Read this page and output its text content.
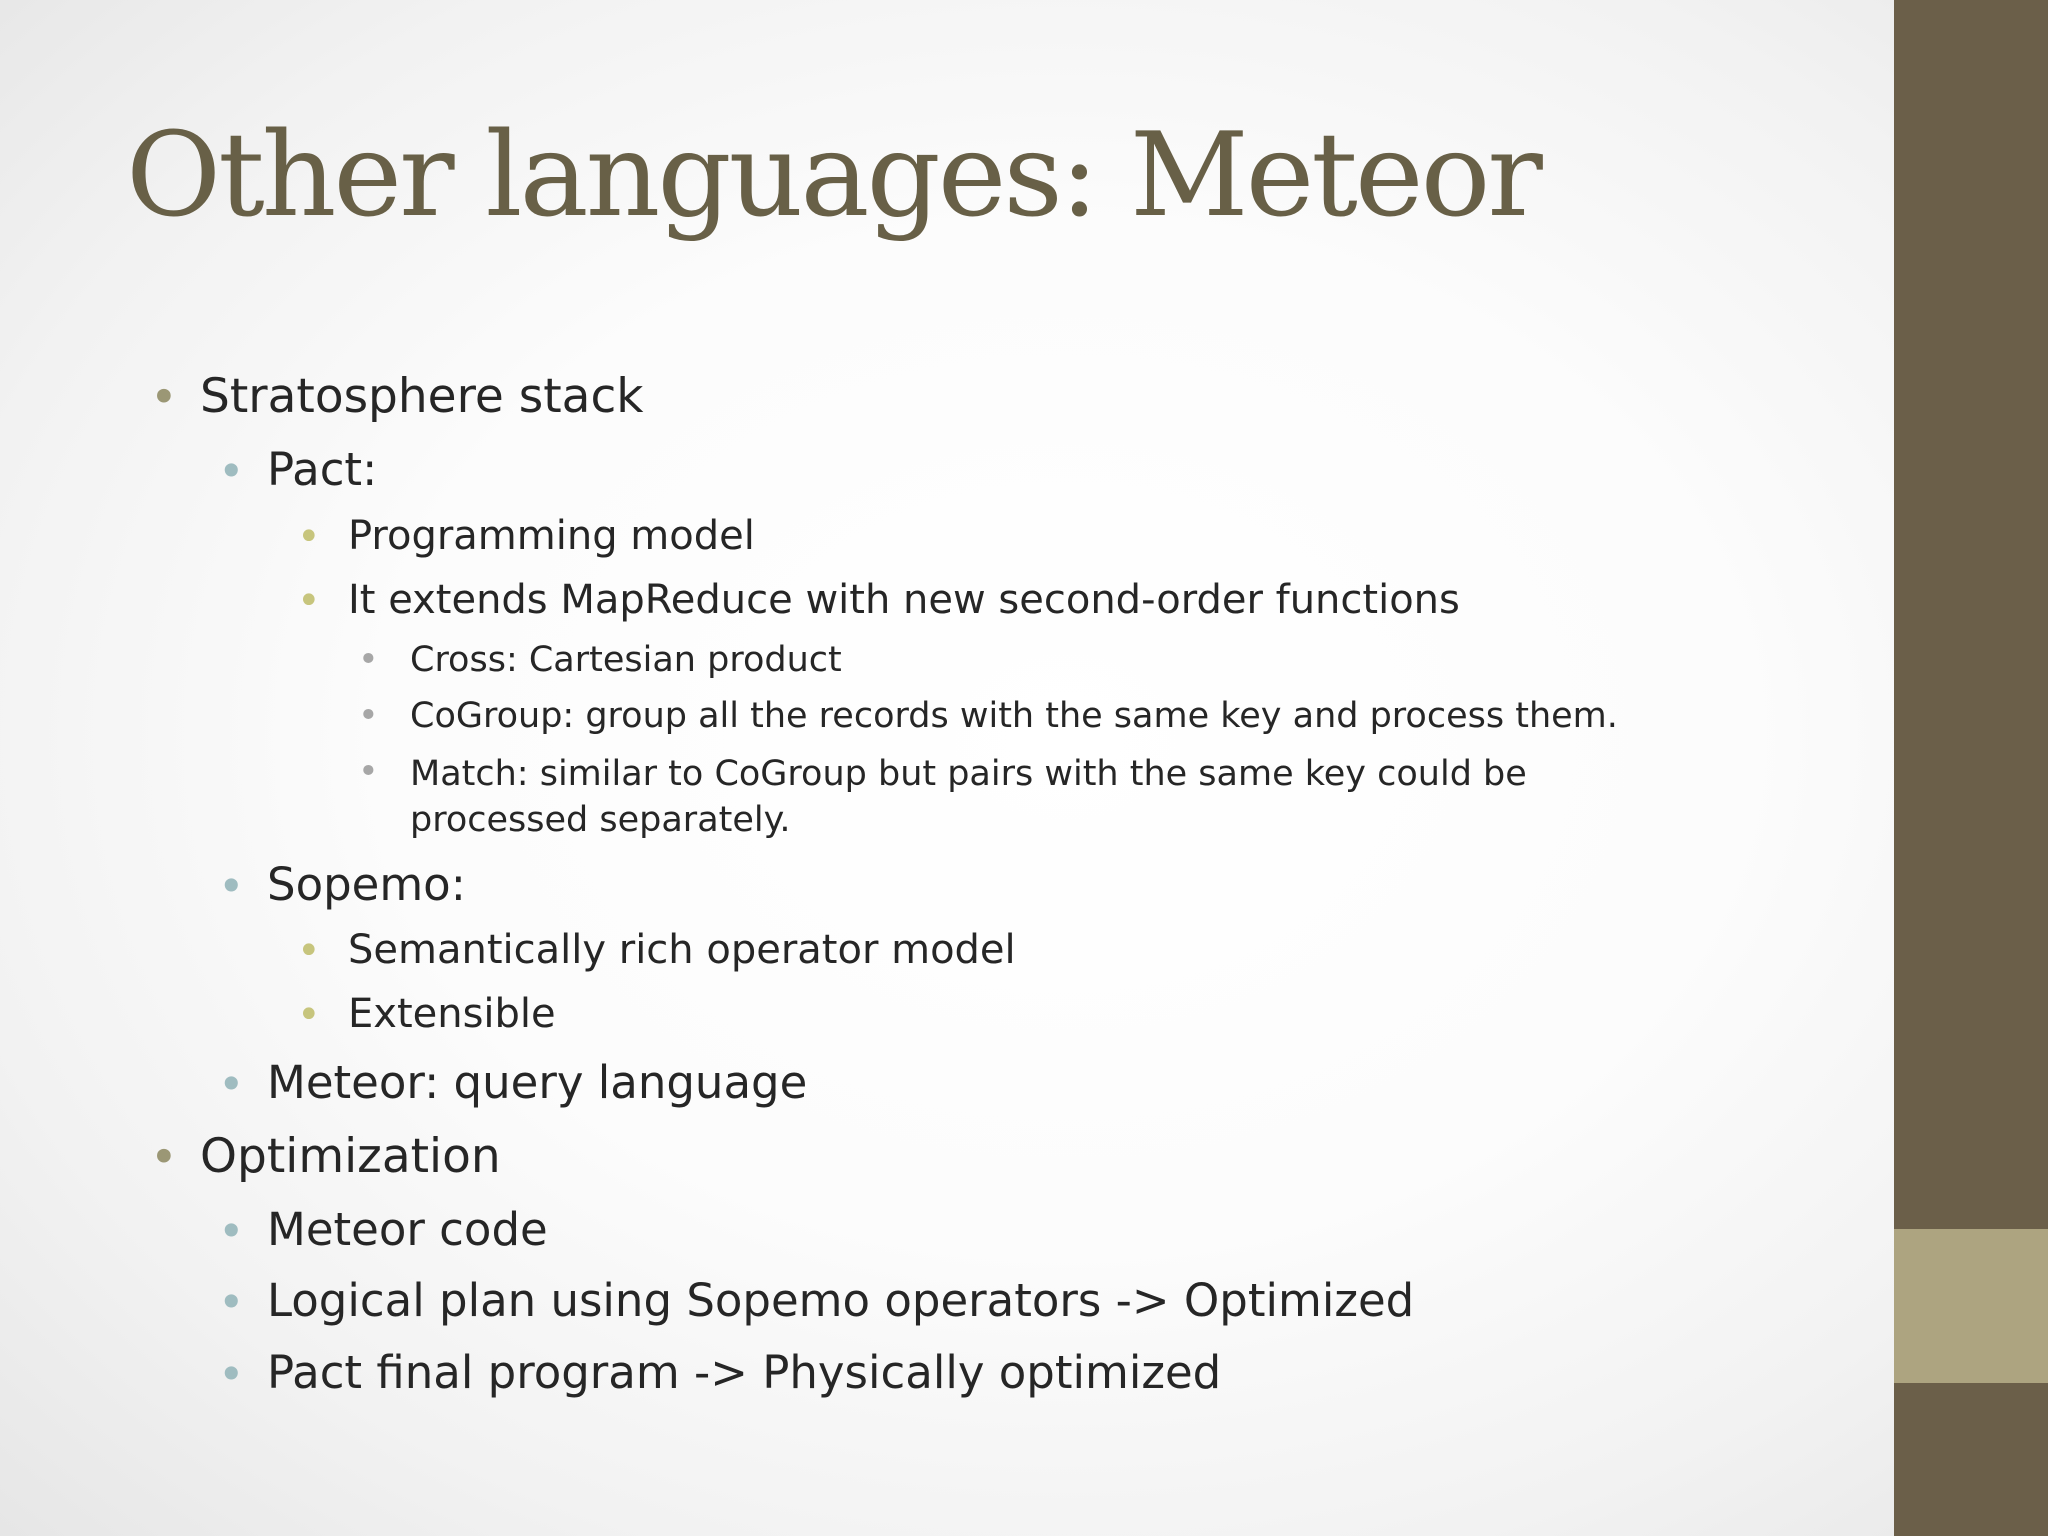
Other languages: Meteor
• Stratosphere stack
• Pact:
• Programming model
• It extends MapReduce with new second-order functions
• Cross: Cartesian product
• CoGroup: group all the records with the same key and process them.
• Match: similar to CoGroup but pairs with the same key could be processed separately.
• Sopemo:
• Semantically rich operator model
• Extensible
• Meteor: query language
• Optimization
• Meteor code
• Logical plan using Sopemo operators -> Optimized
• Pact final program -> Physically optimized
